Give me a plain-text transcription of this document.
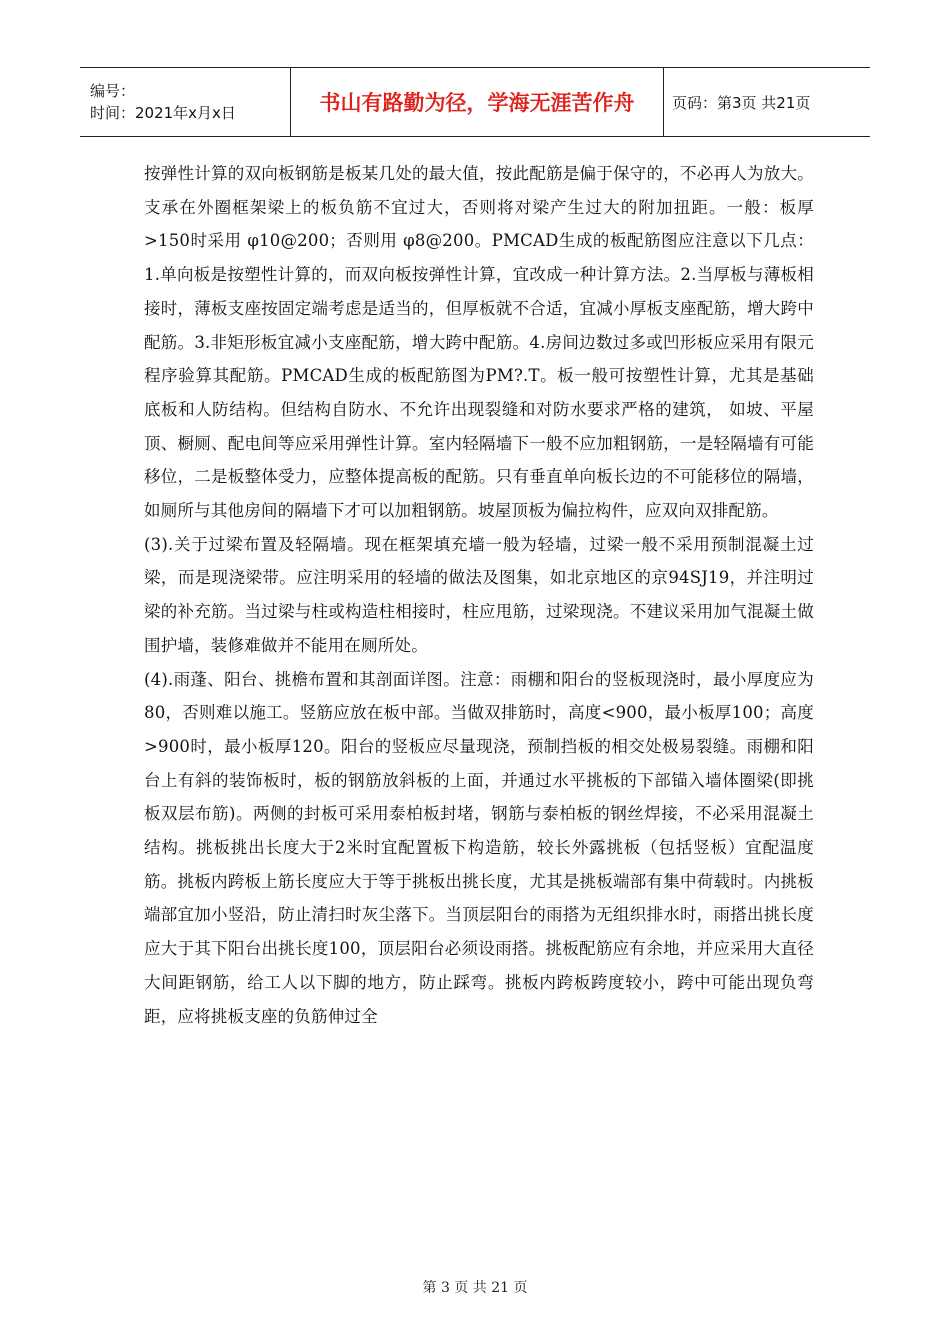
编号：
时间：2021年x月x日	书山有路勤为径，学海无涯苦作舟	页码：第3页 共21页

按弹性计算的双向板钢筋是板某几处的最大值，按此配筋是偏于保守的，不必再人为放大。支承在外圈框架梁上的板负筋不宜过大，否则将对梁产生过大的附加扭距。一般：板厚>150时采用 φ10@200；否则用 φ8@200。PMCAD生成的板配筋图应注意以下几点：1.单向板是按塑性计算的，而双向板按弹性计算，宜改成一种计算方法。2.当厚板与薄板相接时，薄板支座按固定端考虑是适当的，但厚板就不合适，宜减小厚板支座配筋，增大跨中配筋。3.非矩形板宜减小支座配筋，增大跨中配筋。4.房间边数过多或凹形板应采用有限元程序验算其配筋。PMCAD生成的板配筋图为PM?.T。板一般可按塑性计算，尤其是基础底板和人防结构。但结构自防水、不允许出现裂缝和对防水要求严格的建筑， 如坡、平屋顶、橱厕、配电间等应采用弹性计算。室内轻隔墙下一般不应加粗钢筋，一是轻隔墙有可能移位，二是板整体受力，应整体提高板的配筋。只有垂直单向板长边的不可能移位的隔墙，如厕所与其他房间的隔墙下才可以加粗钢筋。坡屋顶板为偏拉构件，应双向双排配筋。

(3).关于过梁布置及轻隔墙。现在框架填充墙一般为轻墙，过梁一般不采用预制混凝土过梁，而是现浇梁带。应注明采用的轻墙的做法及图集，如北京地区的京94SJ19，并注明过梁的补充筋。当过梁与柱或构造柱相接时，柱应甩筋，过梁现浇。不建议采用加气混凝土做围护墙，装修难做并不能用在厕所处。

(4).雨蓬、阳台、挑檐布置和其剖面详图。注意：雨棚和阳台的竖板现浇时，最小厚度应为80，否则难以施工。竖筋应放在板中部。当做双排筋时，高度<900，最小板厚100；高度>900时，最小板厚120。阳台的竖板应尽量现浇，预制挡板的相交处极易裂缝。雨棚和阳台上有斜的装饰板时，板的钢筋放斜板的上面，并通过水平挑板的下部锚入墙体圈梁(即挑板双层布筋)。两侧的封板可采用泰柏板封堵，钢筋与泰柏板的钢丝焊接，不必采用混凝土结构。挑板挑出长度大于2米时宜配置板下构造筋，较长外露挑板（包括竖板）宜配温度筋。挑板内跨板上筋长度应大于等于挑板出挑长度，尤其是挑板端部有集中荷载时。内挑板端部宜加小竖沿，防止清扫时灰尘落下。当顶层阳台的雨搭为无组织排水时，雨搭出挑长度应大于其下阳台出挑长度100，顶层阳台必须设雨搭。挑板配筋应有余地，并应采用大直径大间距钢筋，给工人以下脚的地方，防止踩弯。挑板内跨板跨度较小，跨中可能出现负弯距，应将挑板支座的负筋伸过全

第 3 页 共 21 页
